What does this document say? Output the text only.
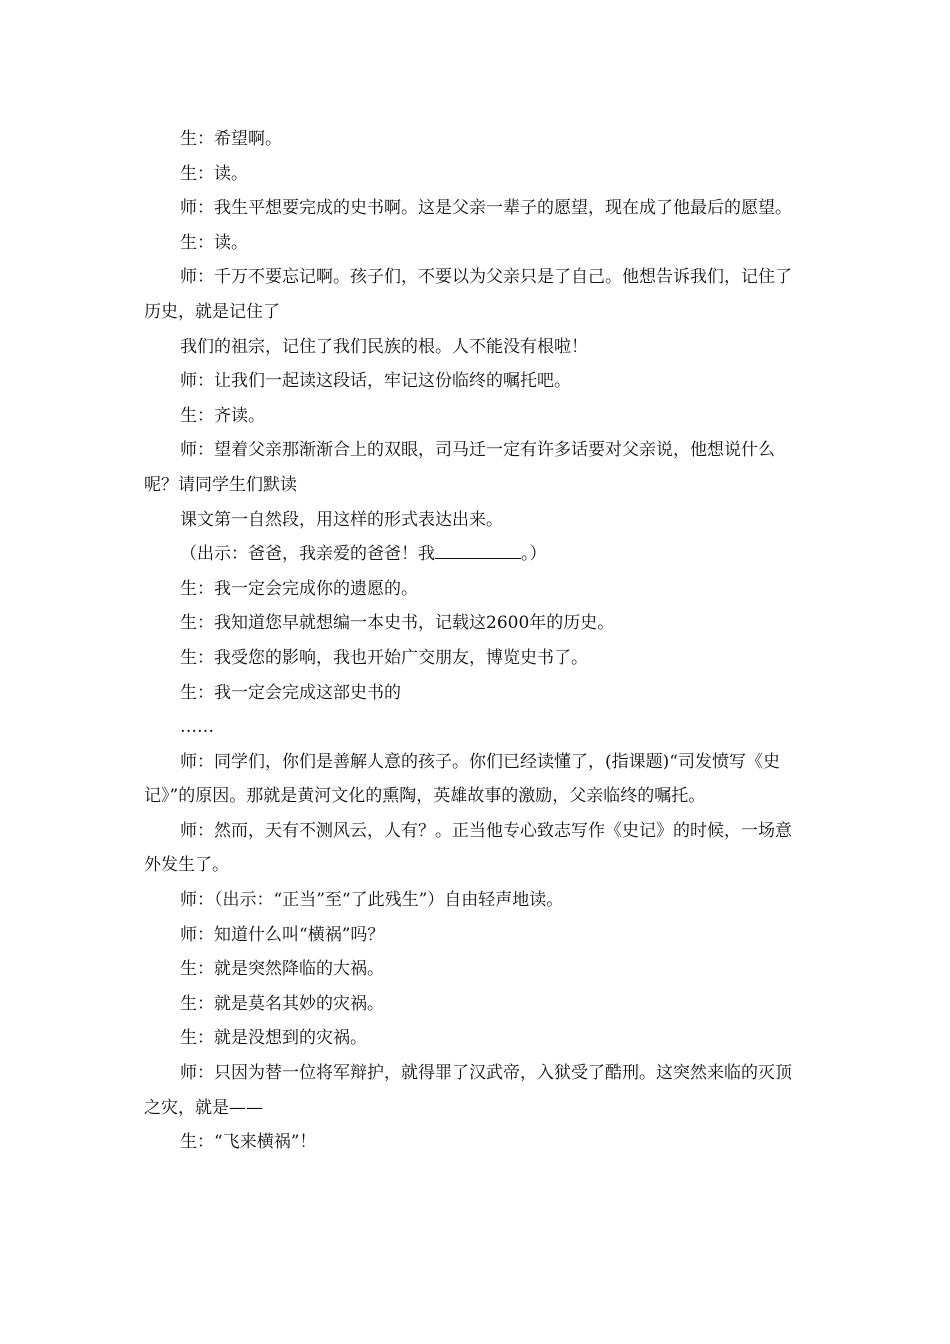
生：希望啊。

生：读。

师：我生平想要完成的史书啊。这是父亲一辈子的愿望，现在成了他最后的愿望。

生：读。

师：千万不要忘记啊。孩子们，不要以为父亲只是了自己。他想告诉我们，记住了历史，就是记住了

我们的祖宗，记住了我们民族的根。人不能没有根啦！

师：让我们一起读这段话，牢记这份临终的嘱托吧。

生：齐读。

师：望着父亲那渐渐合上的双眼，司马迁一定有许多话要对父亲说，他想说什么呢？请同学生们默读

课文第一自然段，用这样的形式表达出来。

（出示：爸爸，我亲爱的爸爸！我	。）

生：我一定会完成你的遗愿的。

生：我知道您早就想编一本史书，记载这2600年的历史。

生：我受您的影响，我也开始广交朋友，博览史书了。

生：我一定会完成这部史书的

……

师：同学们，你们是善解人意的孩子。你们已经读懂了，(指课题)“司发愤写《史记》”的原因。那就是黄河文化的熏陶，英雄故事的激励，父亲临终的嘱托。

师：然而，天有不测风云，人有？。正当他专心致志写作《史记》的时候，一场意外发生了。

师：（出示：“正当”至“了此残生”）自由轻声地读。

师：知道什么叫“横祸”吗？

生：就是突然降临的大祸。

生：就是莫名其妙的灾祸。

生：就是没想到的灾祸。

师：只因为替一位将军辩护，就得罪了汉武帝，入狱受了酷刑。这突然来临的灭顶之灾，就是——

生：“飞来横祸”！
